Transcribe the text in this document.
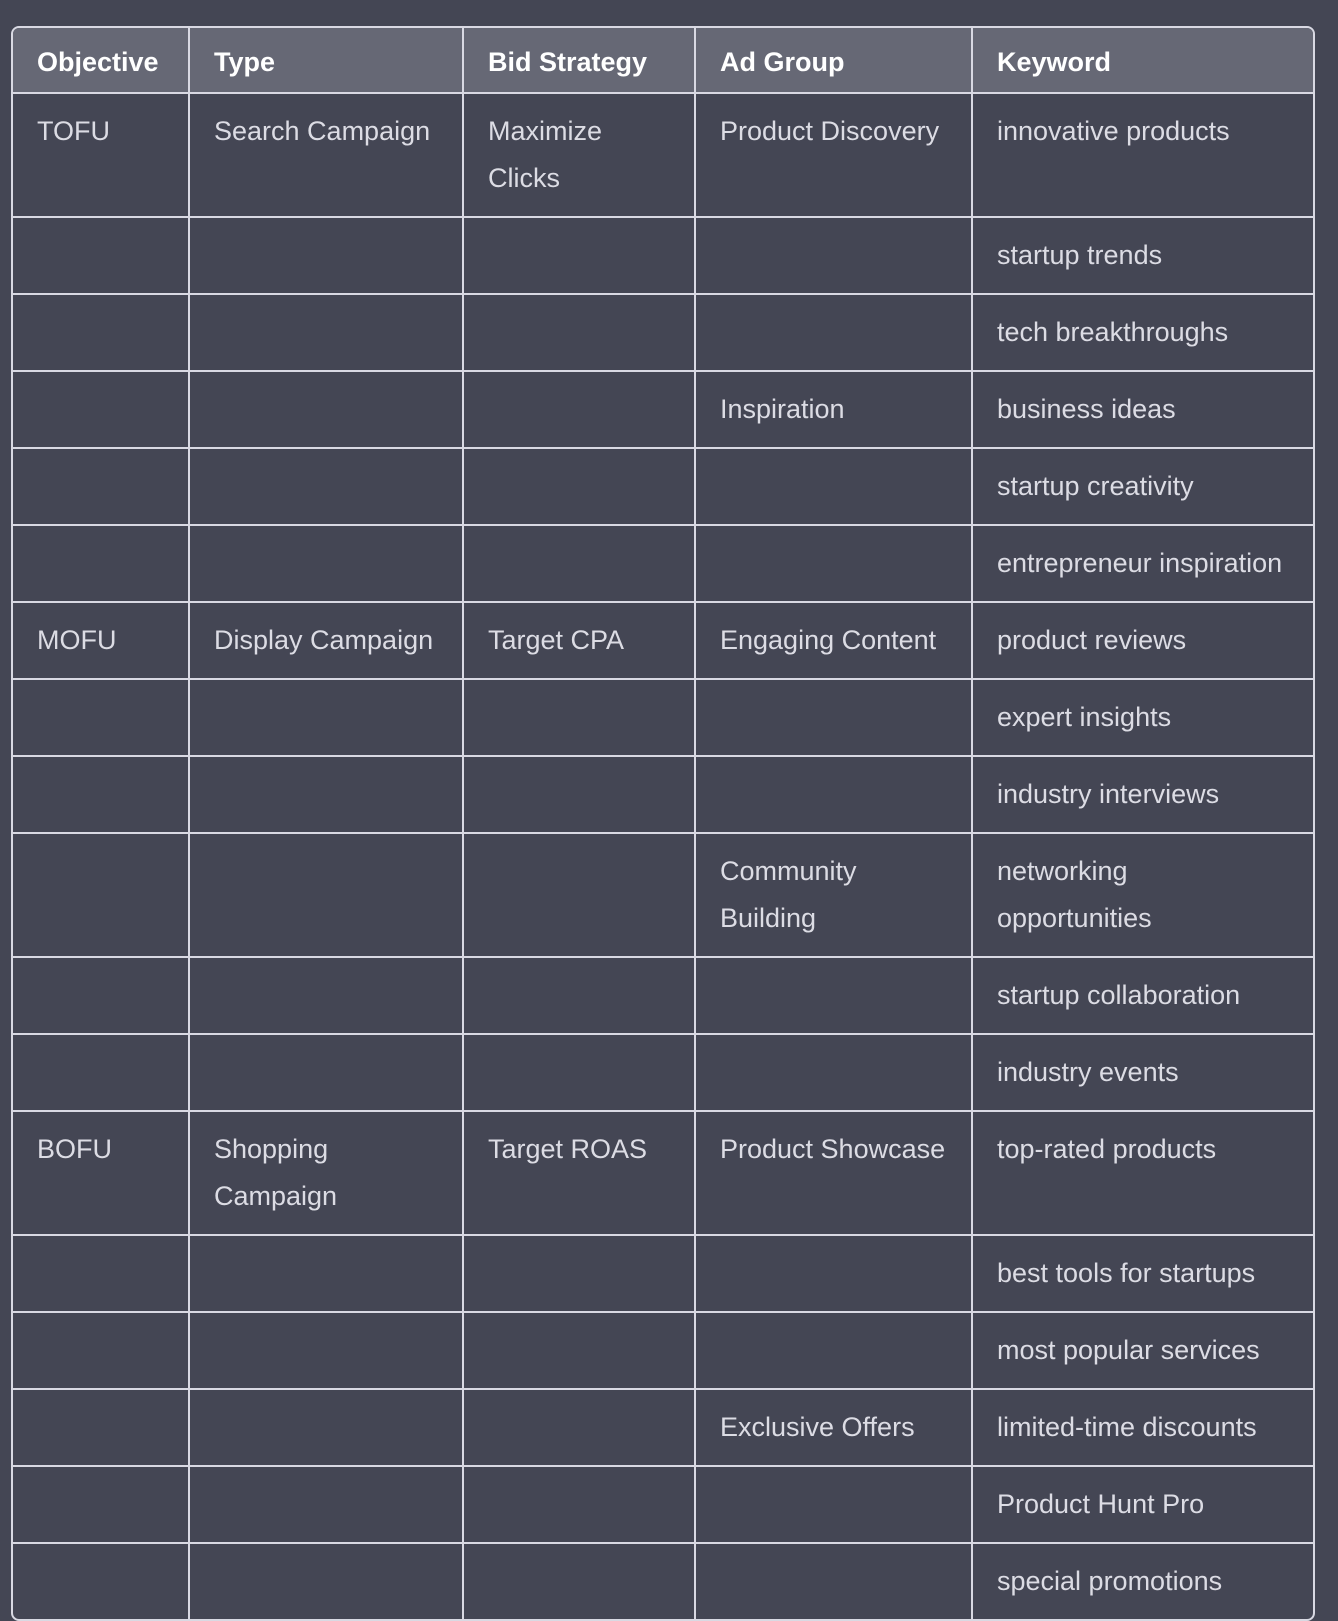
Objective	Type	Bid Strategy	Ad Group	Keyword
TOFU	Search Campaign	Maximize Clicks	Product Discovery	innovative products
				startup trends
				tech breakthroughs
			Inspiration	business ideas
				startup creativity
				entrepreneur inspiration
MOFU	Display Campaign	Target CPA	Engaging Content	product reviews
				expert insights
				industry interviews
			Community Building	networking opportunities
				startup collaboration
				industry events
BOFU	Shopping Campaign	Target ROAS	Product Showcase	top-rated products
				best tools for startups
				most popular services
			Exclusive Offers	limited-time discounts
				Product Hunt Pro
				special promotions
